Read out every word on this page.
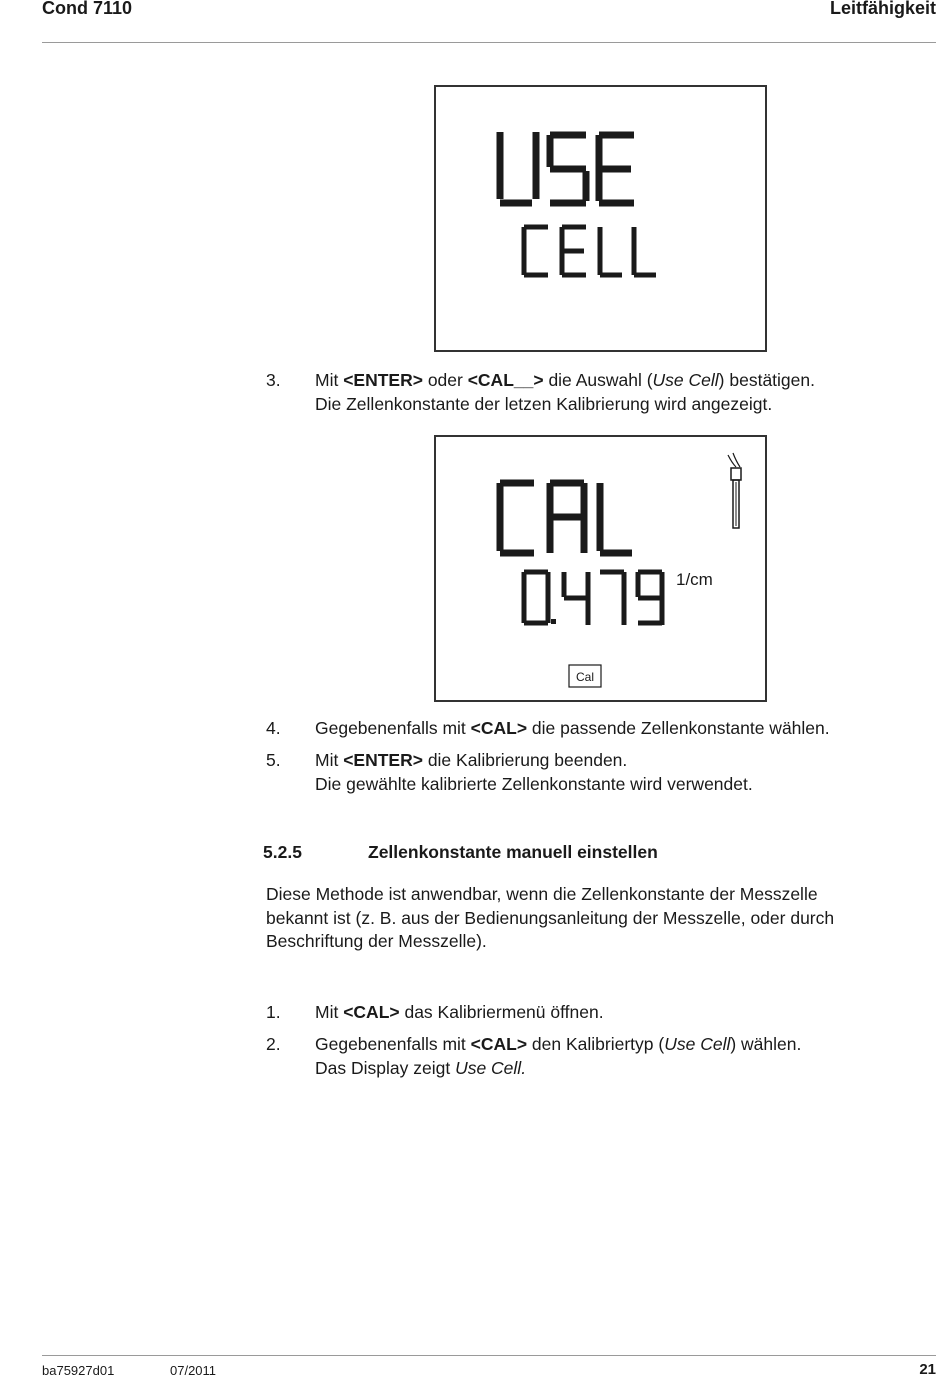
Cond 7110	Leitfähigkeit
3. Mit <ENTER> oder <CAL__> die Auswahl (Use Cell) bestätigen.
Die Zellenkonstante der letzen Kalibrierung wird angezeigt.
1/cm
Cal
4. Gegebenenfalls mit <CAL> die passende Zellenkonstante wählen.
5. Mit <ENTER> die Kalibrierung beenden.
Die gewählte kalibrierte Zellenkonstante wird verwendet.
5.2.5	Zellenkonstante manuell einstellen
Diese Methode ist anwendbar, wenn die Zellenkonstante der Messzelle
bekannt ist (z. B. aus der Bedienungsanleitung der Messzelle, oder durch
Beschriftung der Messzelle).
1. Mit <CAL> das Kalibriermenü öffnen.
2. Gegebenenfalls mit <CAL> den Kalibriertyp (Use Cell) wählen.
Das Display zeigt Use Cell.
ba75927d01	07/2011	21
